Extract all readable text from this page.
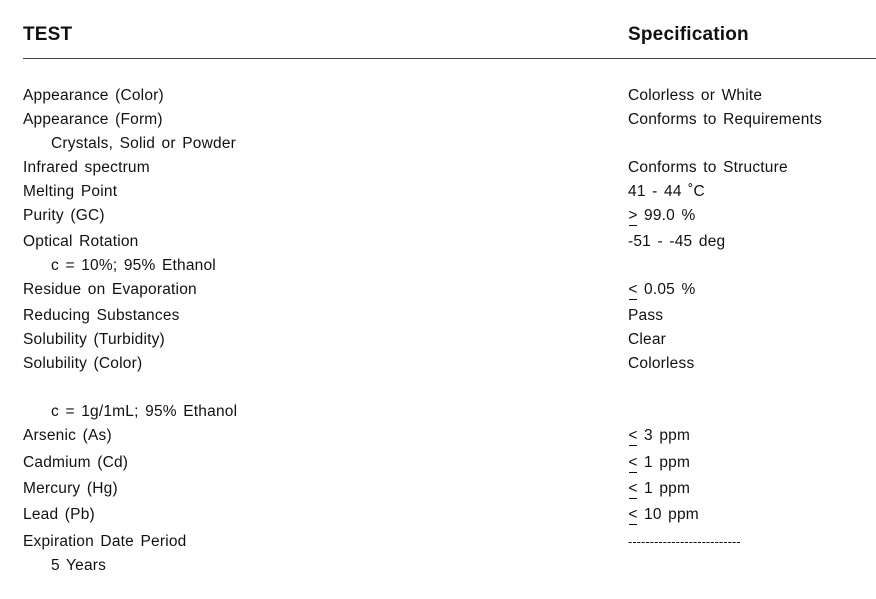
TEST	Specification
Appearance (Color)	Colorless or White
Appearance (Form)	Conforms to Requirements
Crystals, Solid or Powder
Infrared spectrum	Conforms to Structure
Melting Point	41 - 44 ˚C
Purity (GC)	> 99.0 %
Optical Rotation	-51 - -45 deg
c = 10%; 95% Ethanol
Residue on Evaporation	< 0.05 %
Reducing Substances	Pass
Solubility (Turbidity)	Clear
Solubility (Color)	Colorless
c = 1g/1mL; 95% Ethanol
Arsenic (As)	< 3 ppm
Cadmium (Cd)	< 1 ppm
Mercury (Hg)	< 1 ppm
Lead (Pb)	< 10 ppm
Expiration Date Period	--------------------------
5 Years
